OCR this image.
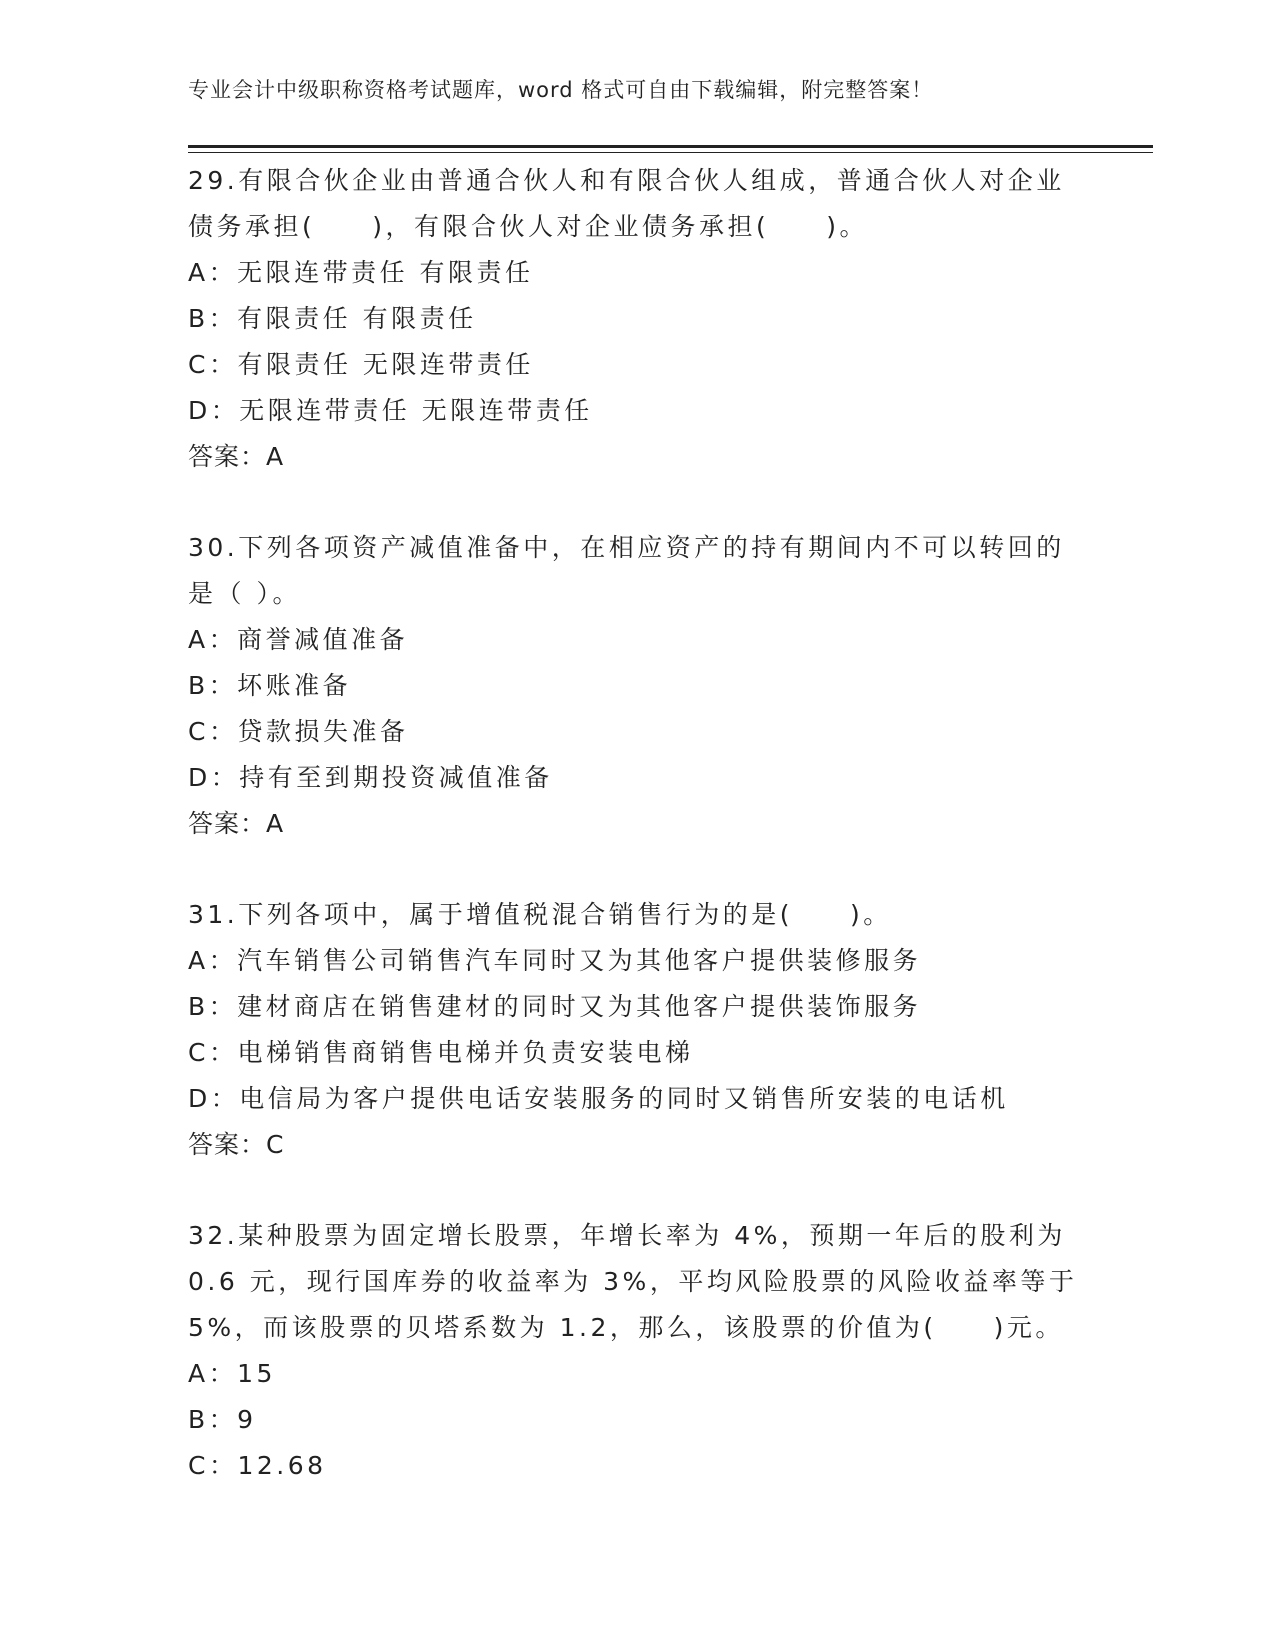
专业会计中级职称资格考试题库，word 格式可自由下载编辑，附完整答案！

29.有限合伙企业由普通合伙人和有限合伙人组成，普通合伙人对企业

债务承担(　　)，有限合伙人对企业债务承担(　　)。

A：无限连带责任 有限责任

B：有限责任 有限责任

C：有限责任 无限连带责任

D：无限连带责任 无限连带责任

答案：A

30.下列各项资产减值准备中，在相应资产的持有期间内不可以转回的

是（ ）。

A：商誉减值准备

B：坏账准备

C：贷款损失准备

D：持有至到期投资减值准备

答案：A

31.下列各项中，属于增值税混合销售行为的是(　　)。

A：汽车销售公司销售汽车同时又为其他客户提供装修服务

B：建材商店在销售建材的同时又为其他客户提供装饰服务

C：电梯销售商销售电梯并负责安装电梯

D：电信局为客户提供电话安装服务的同时又销售所安装的电话机

答案：C

32.某种股票为固定增长股票，年增长率为 4%，预期一年后的股利为

0.6 元，现行国库券的收益率为 3%，平均风险股票的风险收益率等于

5%，而该股票的贝塔系数为 1.2，那么，该股票的价值为(　　)元。

A：15

B：9

C：12.68
